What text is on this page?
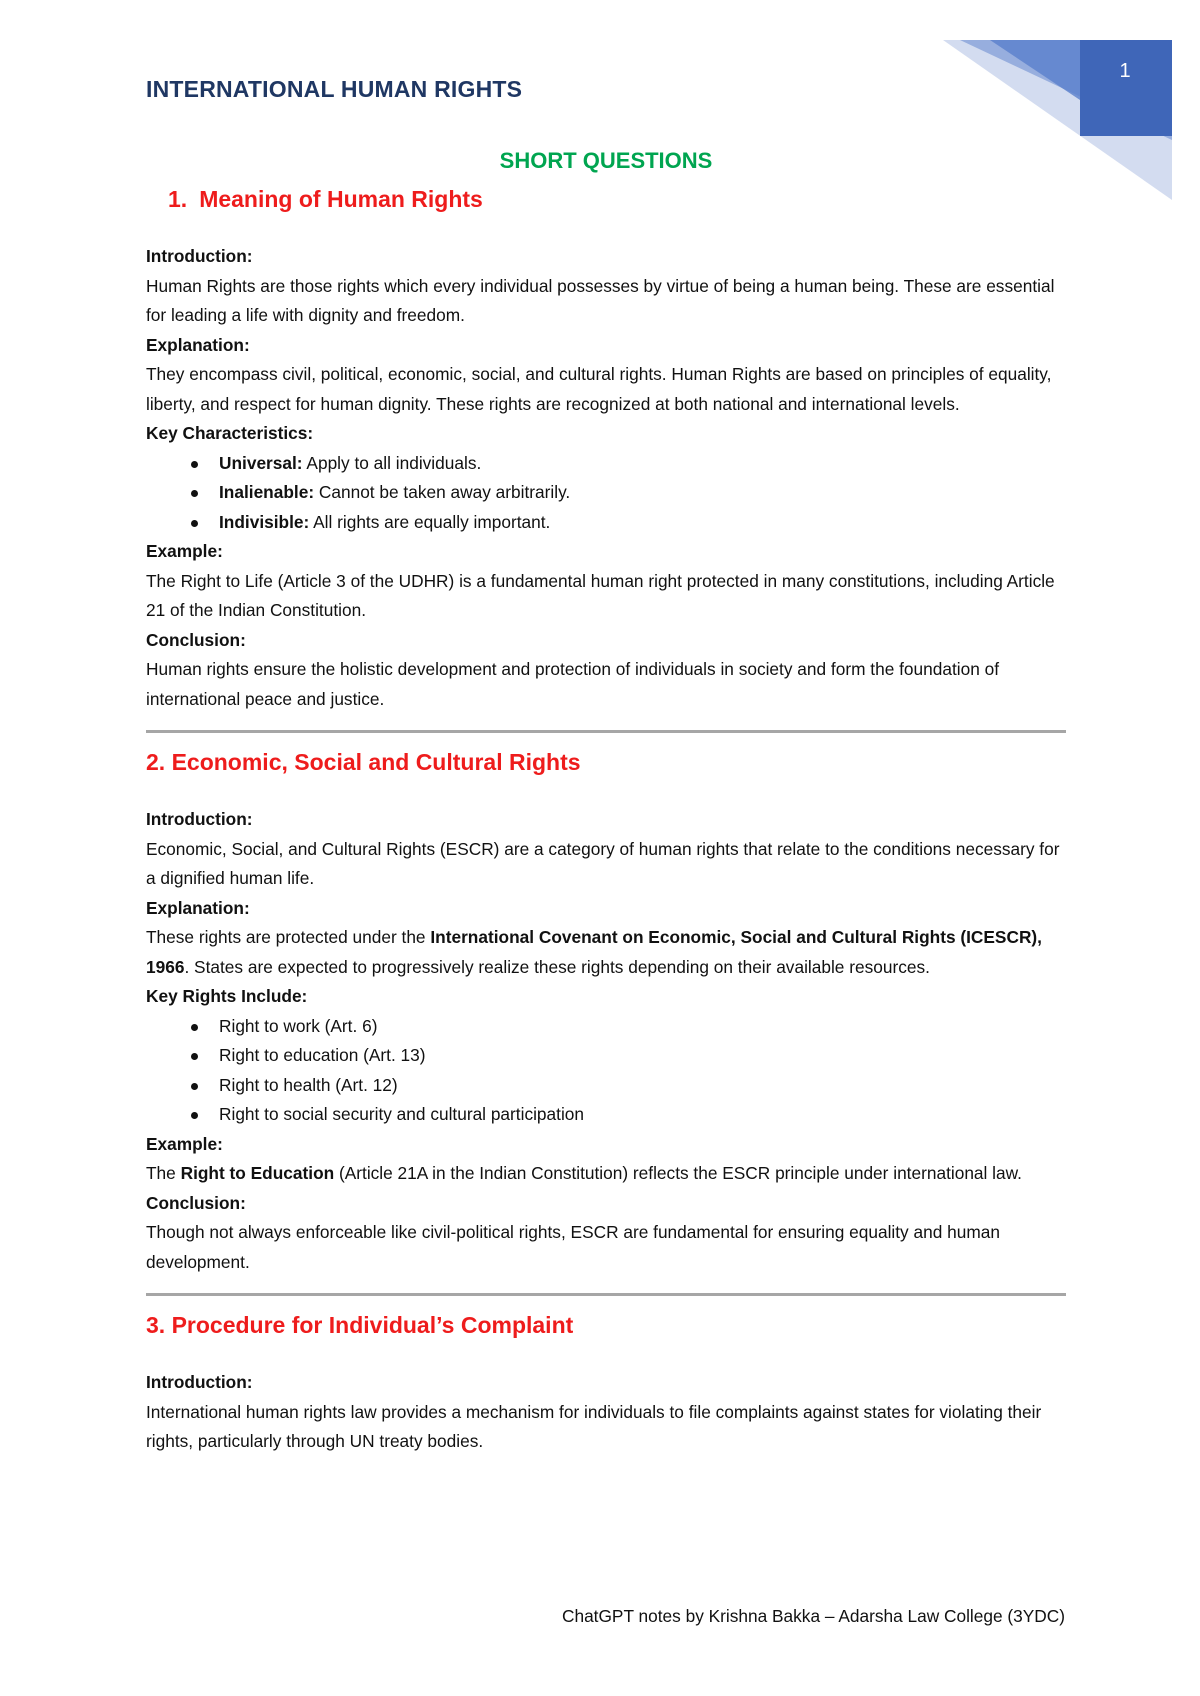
1
INTERNATIONAL HUMAN RIGHTS
SHORT QUESTIONS
1. Meaning of Human Rights

Introduction:

Human Rights are those rights which every individual possesses by virtue of being a human being. These are essential for leading a life with dignity and freedom.

Explanation:

They encompass civil, political, economic, social, and cultural rights. Human Rights are based on principles of equality, liberty, and respect for human dignity. These rights are recognized at both national and international levels.

Key Characteristics:

Universal: Apply to all individuals.
Inalienable: Cannot be taken away arbitrarily.
Indivisible: All rights are equally important.

Example:

The Right to Life (Article 3 of the UDHR) is a fundamental human right protected in many constitutions, including Article 21 of the Indian Constitution.

Conclusion:

Human rights ensure the holistic development and protection of individuals in society and form the foundation of international peace and justice.

2. Economic, Social and Cultural Rights

Introduction:

Economic, Social, and Cultural Rights (ESCR) are a category of human rights that relate to the conditions necessary for a dignified human life.

Explanation:

These rights are protected under the International Covenant on Economic, Social and Cultural Rights (ICESCR), 1966. States are expected to progressively realize these rights depending on their available resources.

Key Rights Include:

Right to work (Art. 6)
Right to education (Art. 13)
Right to health (Art. 12)
Right to social security and cultural participation

Example:

The Right to Education (Article 21A in the Indian Constitution) reflects the ESCR principle under international law.

Conclusion:

Though not always enforceable like civil-political rights, ESCR are fundamental for ensuring equality and human development.

3. Procedure for Individual’s Complaint

Introduction:

International human rights law provides a mechanism for individuals to file complaints against states for violating their rights, particularly through UN treaty bodies.

ChatGPT notes by Krishna Bakka – Adarsha Law College (3YDC)
